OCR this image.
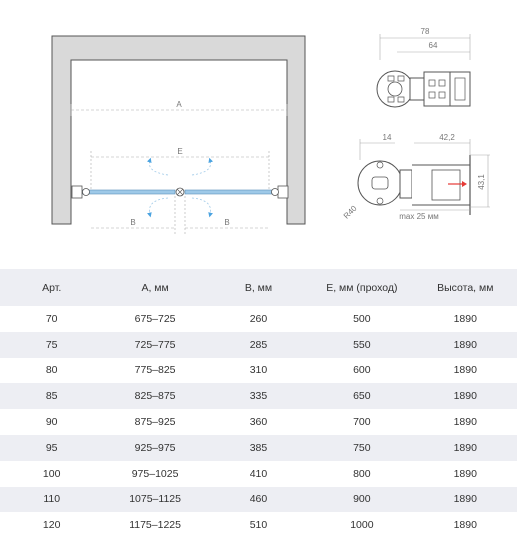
A
E
B	B
78
64
14	42,2
43,1
max 25 мм
R40
Арт.	A, мм	B, мм	E, мм (проход)	Высота, мм
70	675–725	260	500	1890
75	725–775	285	550	1890
80	775–825	310	600	1890
85	825–875	335	650	1890
90	875–925	360	700	1890
95	925–975	385	750	1890
100	975–1025	410	800	1890
110	1075–1125	460	900	1890
120	1175–1225	510	1000	1890
